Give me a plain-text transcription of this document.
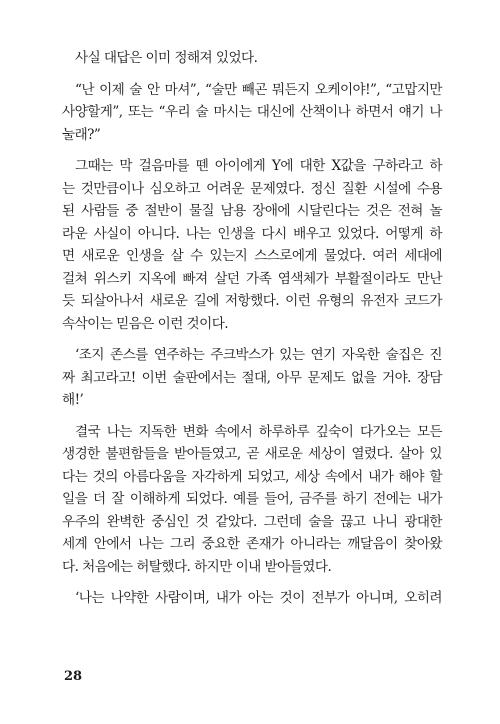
사실 대답은 이미 정해져 있었다.
“난 이제 술 안 마셔”, “술만 빼곤 뭐든지 오케이야!”, “고맙지만
사양할게”, 또는 “우리 술 마시는 대신에 산책이나 하면서 얘기 나
눌래?”
그때는 막 걸음마를 뗀 아이에게 Y에 대한 X값을 구하라고 하
는 것만큼이나 심오하고 어려운 문제였다. 정신 질환 시설에 수용
된 사람들 중 절반이 물질 남용 장애에 시달린다는 것은 전혀 놀
라운 사실이 아니다. 나는 인생을 다시 배우고 있었다. 어떻게 하
면 새로운 인생을 살 수 있는지 스스로에게 물었다. 여러 세대에
걸쳐 위스키 지옥에 빠져 살던 가족 염색체가 부활절이라도 만난
듯 되살아나서 새로운 길에 저항했다. 이런 유형의 유전자 코드가
속삭이는 믿음은 이런 것이다.
‘조지 존스를 연주하는 주크박스가 있는 연기 자욱한 술집은 진
짜 최고라고! 이번 술판에서는 절대, 아무 문제도 없을 거야. 장담
해!’
결국 나는 지독한 변화 속에서 하루하루 깊숙이 다가오는 모든
생경한 불편함들을 받아들였고, 곧 새로운 세상이 열렸다. 살아 있
다는 것의 아름다움을 자각하게 되었고, 세상 속에서 내가 해야 할
일을 더 잘 이해하게 되었다. 예를 들어, 금주를 하기 전에는 내가
우주의 완벽한 중심인 것 같았다. 그런데 술을 끊고 나니 광대한
세계 안에서 나는 그리 중요한 존재가 아니라는 깨달음이 찾아왔
다. 처음에는 허탈했다. 하지만 이내 받아들였다.
‘나는 나약한 사람이며, 내가 아는 것이 전부가 아니며, 오히려
28
